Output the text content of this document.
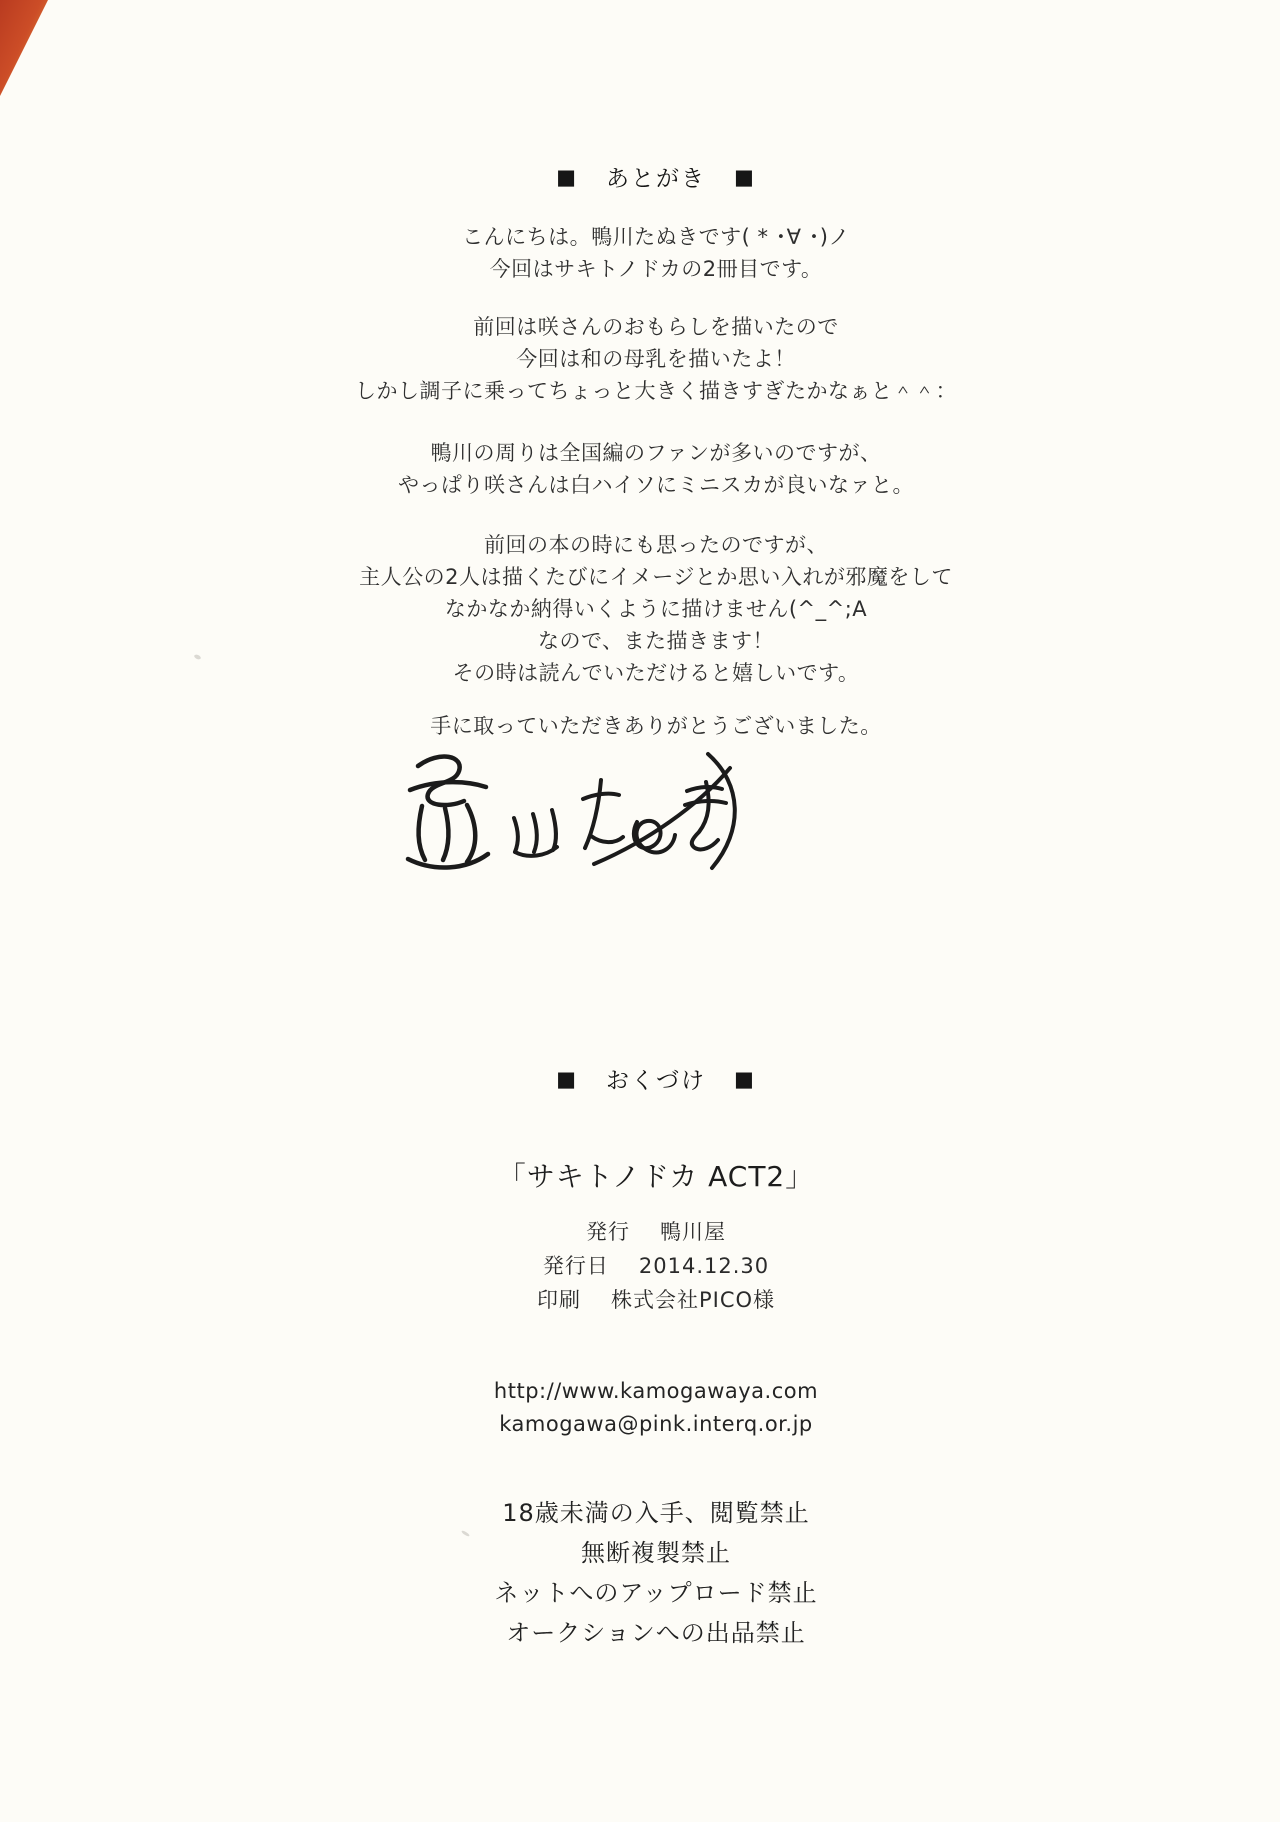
■ あとがき ■
こんにちは。鴨川たぬきです( * ･∀ ･)ノ
今回はサキトノドカの2冊目です。
前回は咲さんのおもらしを描いたので
今回は和の母乳を描いたよ！
しかし調子に乗ってちょっと大きく描きすぎたかなぁと＾＾：
鴨川の周りは全国編のファンが多いのですが、
やっぱり咲さんは白ハイソにミニスカが良いなァと。
前回の本の時にも思ったのですが、
主人公の2人は描くたびにイメージとか思い入れが邪魔をして
なかなか納得いくように描けません(^_^;A
なので、また描きます！
その時は読んでいただけると嬉しいです。
手に取っていただきありがとうございました。
■ おくづけ ■
「サキトノドカ ACT2」
発行 鴨川屋
発行日 2014.12.30
印刷 株式会社PICO様
http://www.kamogawaya.com
kamogawa@pink.interq.or.jp
18歳未満の入手、閲覧禁止
無断複製禁止
ネットへのアップロード禁止
オークションへの出品禁止
